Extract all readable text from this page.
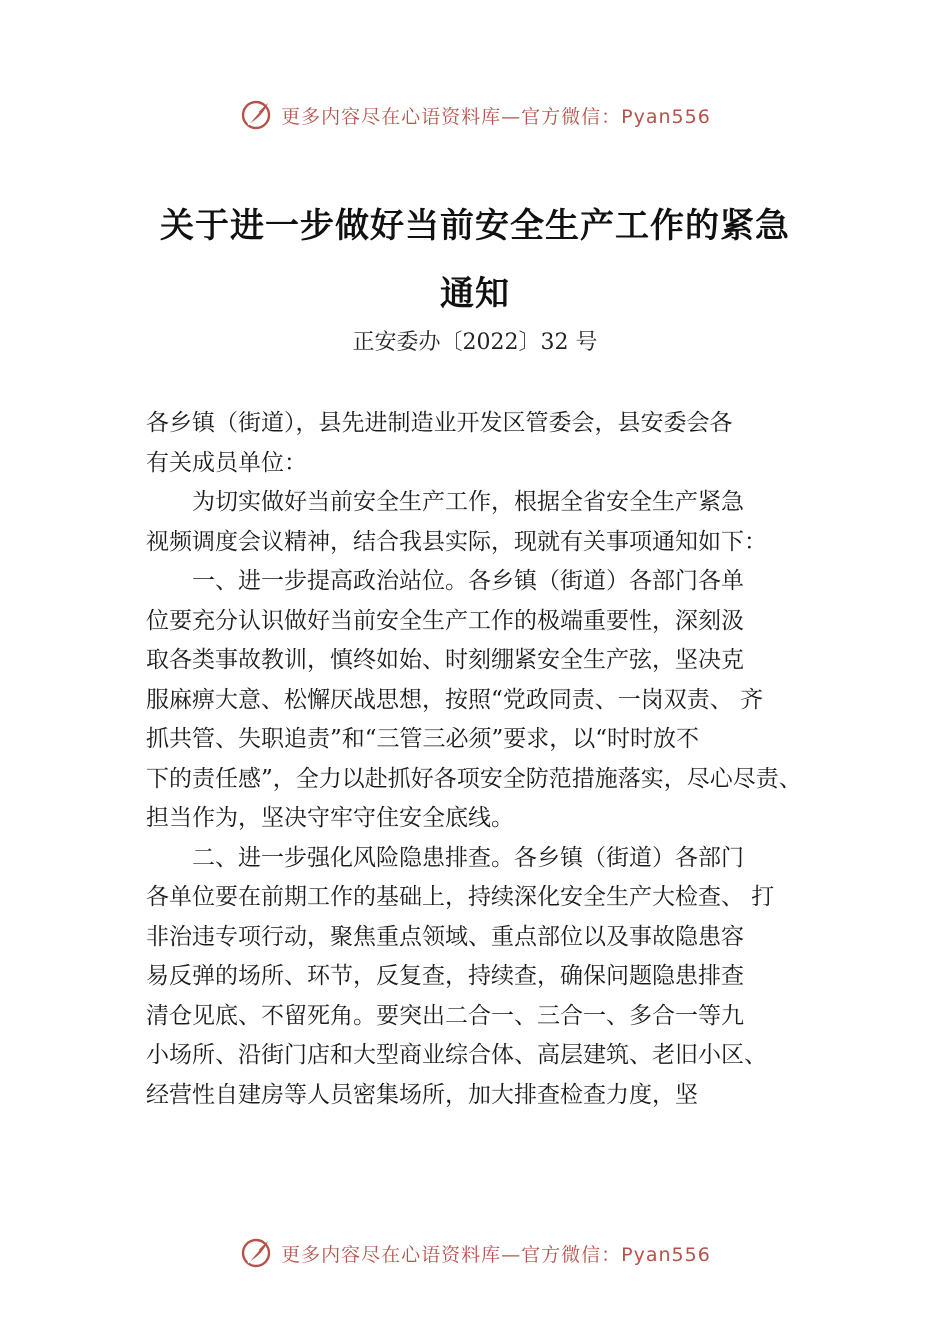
更多内容尽在心语资料库—官方微信：Pyan556
关于进一步做好当前安全生产工作的紧急
通知
正安委办〔2022〕32 号
各乡镇（街道），县先进制造业开发区管委会，县安委会各
有关成员单位：
　　为切实做好当前安全生产工作，根据全省安全生产紧急
视频调度会议精神，结合我县实际，现就有关事项通知如下：
　　一、进一步提高政治站位。各乡镇（街道）各部门各单
位要充分认识做好当前安全生产工作的极端重要性，深刻汲
取各类事故教训，慎终如始、时刻绷紧安全生产弦，坚决克
服麻痹大意、松懈厌战思想，按照“党政同责、一岗双责、 齐
抓共管、失职追责”和“三管三必须”要求，以“时时放不
下的责任感”，全力以赴抓好各项安全防范措施落实，尽心尽责、
担当作为，坚决守牢守住安全底线。
　　二、进一步强化风险隐患排查。各乡镇（街道）各部门
各单位要在前期工作的基础上，持续深化安全生产大检查、 打
非治违专项行动，聚焦重点领域、重点部位以及事故隐患容
易反弹的场所、环节，反复查，持续查，确保问题隐患排查
清仓见底、不留死角。要突出二合一、三合一、多合一等九
小场所、沿街门店和大型商业综合体、高层建筑、老旧小区、
经营性自建房等人员密集场所，加大排查检查力度，坚
更多内容尽在心语资料库—官方微信：Pyan556
